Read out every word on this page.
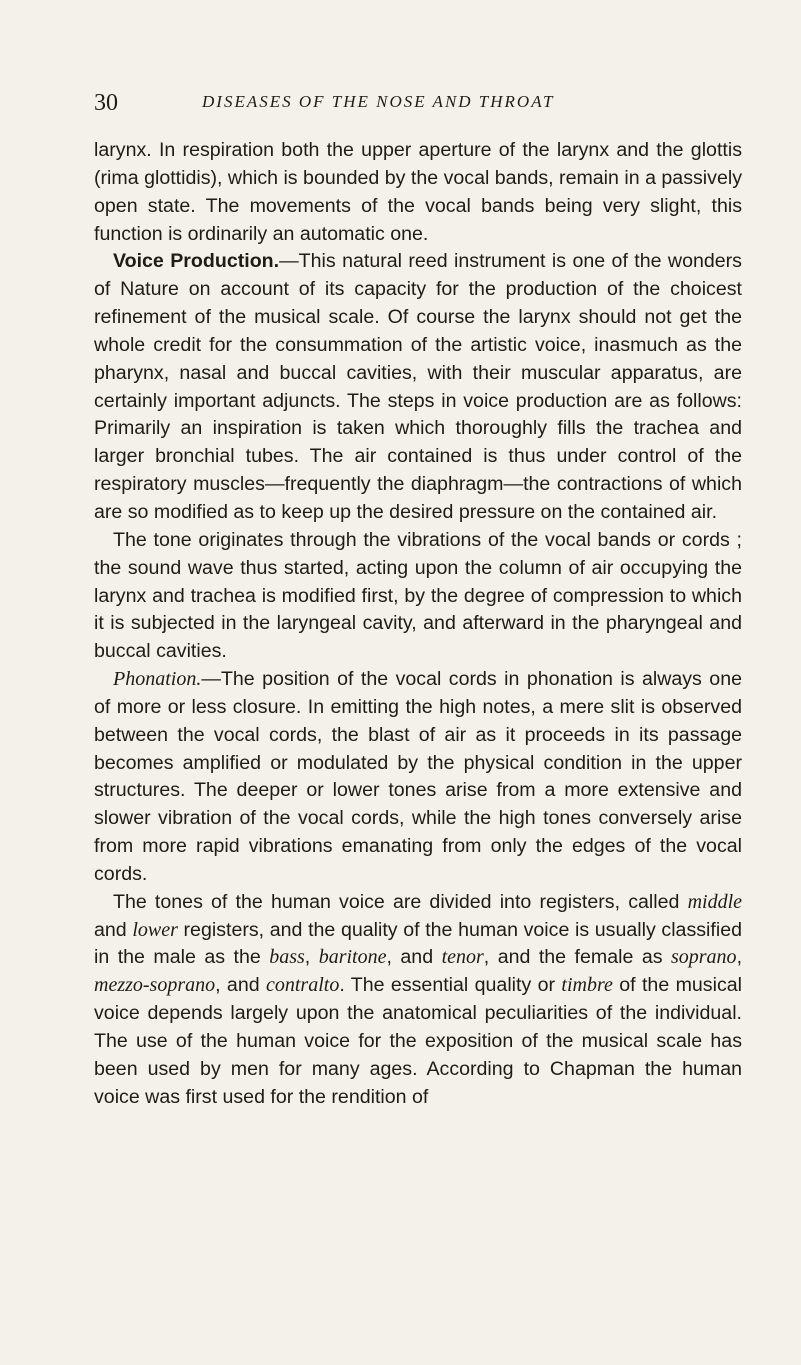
30	DISEASES OF THE NOSE AND THROAT

larynx. In respiration both the upper aperture of the larynx and the glottis (rima glottidis), which is bounded by the vocal bands, remain in a passively open state. The movements of the vocal bands being very slight, this function is ordinarily an automatic one.

Voice Production.—This natural reed instrument is one of the wonders of Nature on account of its capacity for the production of the choicest refinement of the musical scale. Of course the larynx should not get the whole credit for the consummation of the artistic voice, inasmuch as the pharynx, nasal and buccal cavities, with their muscular apparatus, are certainly important adjuncts. The steps in voice production are as follows: Primarily an inspiration is taken which thoroughly fills the trachea and larger bronchial tubes. The air contained is thus under control of the respiratory muscles—frequently the diaphragm—the contractions of which are so modified as to keep up the desired pressure on the contained air.

The tone originates through the vibrations of the vocal bands or cords ; the sound wave thus started, acting upon the column of air occupying the larynx and trachea is modified first, by the degree of compression to which it is subjected in the laryngeal cavity, and afterward in the pharyngeal and buccal cavities.

Phonation.—The position of the vocal cords in phonation is always one of more or less closure. In emitting the high notes, a mere slit is observed between the vocal cords, the blast of air as it proceeds in its passage becomes amplified or modulated by the physical condition in the upper structures. The deeper or lower tones arise from a more extensive and slower vibration of the vocal cords, while the high tones conversely arise from more rapid vibrations emanating from only the edges of the vocal cords.

The tones of the human voice are divided into registers, called middle and lower registers, and the quality of the human voice is usually classified in the male as the bass, baritone, and tenor, and the female as soprano, mezzo-soprano, and contralto. The essential quality or timbre of the musical voice depends largely upon the anatomical peculiarities of the individual. The use of the human voice for the exposition of the musical scale has been used by men for many ages. According to Chapman the human voice was first used for the rendition of
